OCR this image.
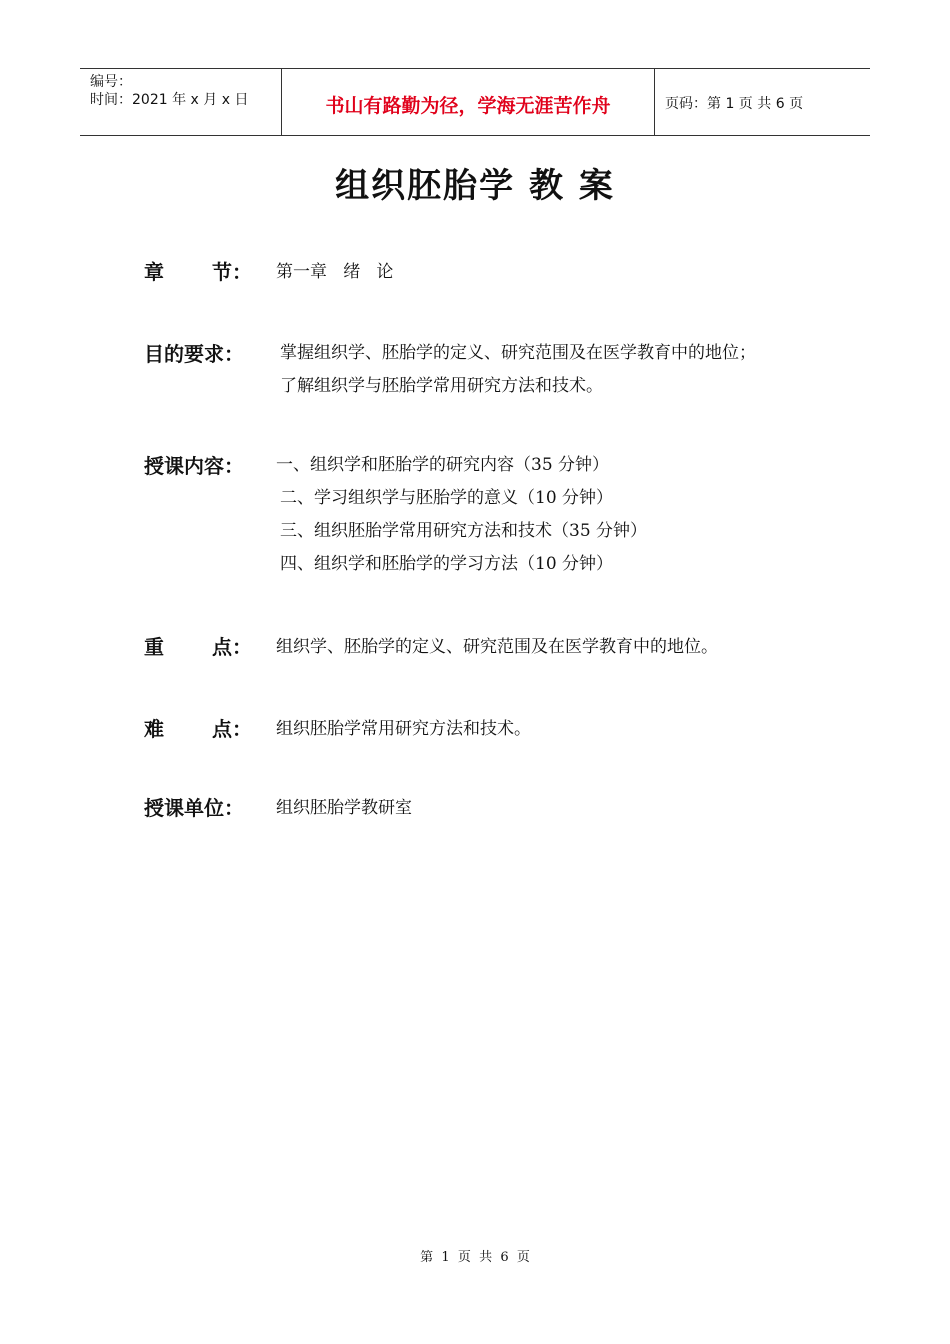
编号：
时间：2021 年 x 月 x 日	书山有路勤为径，学海无涯苦作舟	页码：第 1 页 共 6 页
组织胚胎学 教 案
章 节： 第一章   绪   论
目的要求：	掌握组织学、胚胎学的定义、研究范围及在医学教育中的地位；
了解组织学与胚胎学常用研究方法和技术。
授课内容：	一、组织学和胚胎学的研究内容（35 分钟）
二、学习组织学与胚胎学的意义（10 分钟）
三、组织胚胎学常用研究方法和技术（35 分钟）
四、组织学和胚胎学的学习方法（10 分钟）
重 点： 组织学、胚胎学的定义、研究范围及在医学教育中的地位。
难 点： 组织胚胎学常用研究方法和技术。
授课单位：	组织胚胎学教研室
第  1  页  共  6  页
